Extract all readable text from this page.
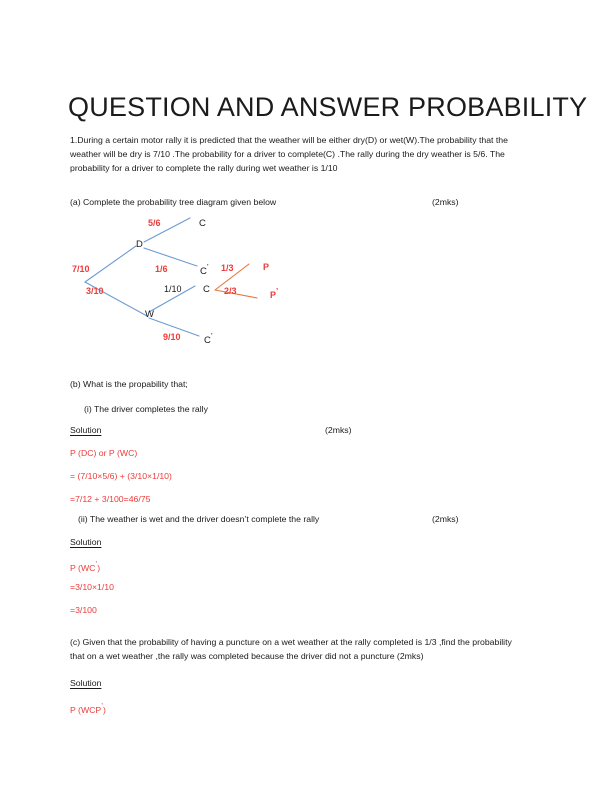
QUESTION AND ANSWER PROBABILITY

1.During a certain motor rally it is predicted that the weather will be either dry(D) or wet(W).The probability that the weather will be dry is 7/10 .The probability for a driver to complete(C) .The rally during the dry weather is 5/6. The probability for a driver to complete the rally during wet weather is 1/10

(a) Complete the probability tree diagram given below	(2mks)
7/10
3/10
D
W
5/6
1/6
1/10
9/10
C
C’
C
C’
1/3
2/3
P
P’
(b) What is the propability that;
(i) The driver completes the rally
Solution	(2mks)
P (DC) or P (WC)
= (7/10×5/6) + (3/10×1/10)
=7/12 + 3/100=46/75
(ii) The weather is wet and the driver doesn’t complete the rally	(2mks)
Solution
P (WC’)
=3/10×1/10
=3/100

(c) Given that the probability of having a puncture on a wet weather at the rally completed is 1/3 ,find the probability that on a wet weather ,the rally was completed because the driver did not a puncture (2mks)

Solution
P (WCP’)
